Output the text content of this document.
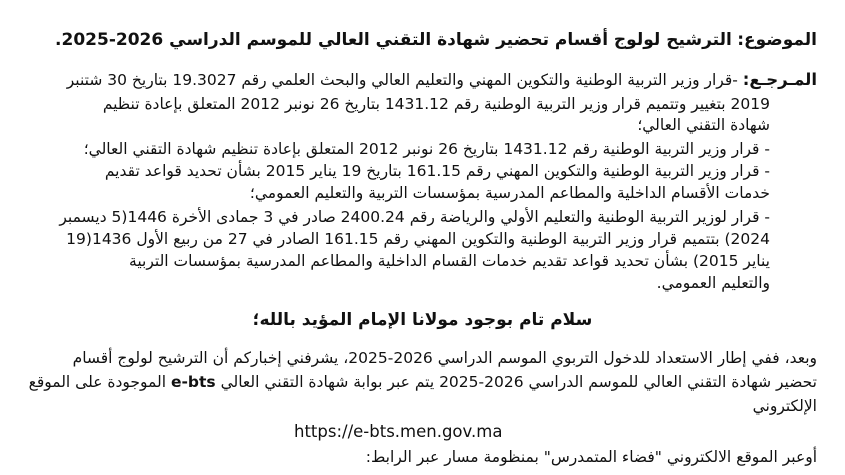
الموضوع: الترشيح لولوج أقسام تحضير شهادة التقني العالي للموسم الدراسي 2026-2025.
المـرجـع: -قرار وزير التربية الوطنية والتكوين المهني والتعليم العالي والبحث العلمي رقم 19.3027 بتاريخ 30 شتنبر
2019 بتغيير وتتميم قرار وزير التربية الوطنية رقم 1431.12 بتاريخ 26 نونبر 2012 المتعلق بإعادة تنظيم
شهادة التقني العالي؛
- قرار وزير التربية الوطنية رقم 1431.12 بتاريخ 26 نونبر 2012 المتعلق بإعادة تنظيم شهادة التقني العالي؛
- قرار وزير التربية الوطنية والتكوين المهني رقم 161.15 بتاريخ 19 يناير 2015 بشأن تحديد قواعد تقديم
خدمات الأقسام الداخلية والمطاعم المدرسية بمؤسسات التربية والتعليم العمومي؛
- قرار لوزير التربية الوطنية والتعليم الأولي والرياضة رقم 2400.24 صادر في 3 جمادى الأخرة 1446(5 ديسمبر
2024) بتتميم قرار وزير التربية الوطنية والتكوين المهني رقم 161.15 الصادر في 27 من ربيع الأول 1436(19
يناير 2015) بشأن تحديد قواعد تقديم خدمات القسام الداخلية والمطاعم المدرسية بمؤسسات التربية
والتعليم العمومي.
سلام تام بوجود مولانا الإمام المؤيد بالله؛
وبعد، ففي إطار الاستعداد للدخول التربوي الموسم الدراسي 2026-2025، يشرفني إخباركم أن الترشيح لولوج أقسام
تحضير شهادة التقني العالي للموسم الدراسي 2026-2025 يتم عبر بوابة شهادة التقني العالي e-bts الموجودة على الموقع
الإلكتروني
https://e-bts.men.gov.ma
أوعبر الموقع الالكتروني "فضاء المتمدرس" بمنظومة مسار عبر الرابط:
